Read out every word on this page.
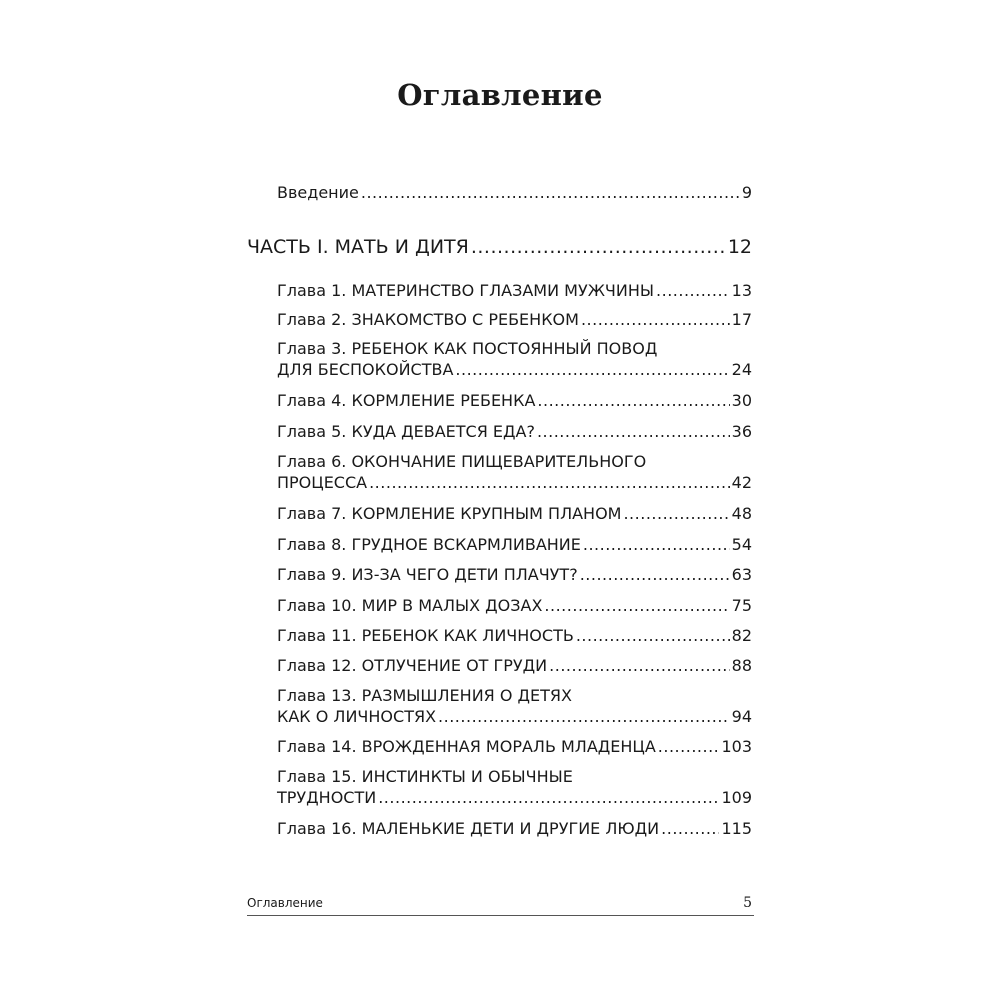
Оглавление
Введение .....	9
ЧАСТЬ I. МАТЬ И ДИТЯ .....	12
Глава 1. МАТЕРИНСТВО ГЛАЗАМИ МУЖЧИНЫ .....	13
Глава 2. ЗНАКОМСТВО С РЕБЕНКОМ .....	17
Глава 3. РЕБЕНОК КАК ПОСТОЯННЫЙ ПОВОД
ДЛЯ БЕСПОКОЙСТВА .....	24
Глава 4. КОРМЛЕНИЕ РЕБЕНКА .....	30
Глава 5. КУДА ДЕВАЕТСЯ ЕДА? .....	36
Глава 6. ОКОНЧАНИЕ ПИЩЕВАРИТЕЛЬНОГО
ПРОЦЕССА .....	42
Глава 7. КОРМЛЕНИЕ КРУПНЫМ ПЛАНОМ .....	48
Глава 8. ГРУДНОЕ ВСКАРМЛИВАНИЕ .....	54
Глава 9. ИЗ-ЗА ЧЕГО ДЕТИ ПЛАЧУТ? .....	63
Глава 10. МИР В МАЛЫХ ДОЗАХ .....	75
Глава 11. РЕБЕНОК КАК ЛИЧНОСТЬ .....	82
Глава 12. ОТЛУЧЕНИЕ ОТ ГРУДИ .....	88
Глава 13. РАЗМЫШЛЕНИЯ О ДЕТЯХ
КАК О ЛИЧНОСТЯХ .....	94
Глава 14. ВРОЖДЕННАЯ МОРАЛЬ МЛАДЕНЦА .....	103
Глава 15. ИНСТИНКТЫ И ОБЫЧНЫЕ
ТРУДНОСТИ .....	109
Глава 16. МАЛЕНЬКИЕ ДЕТИ И ДРУГИЕ ЛЮДИ .....	115
Оглавление	5
